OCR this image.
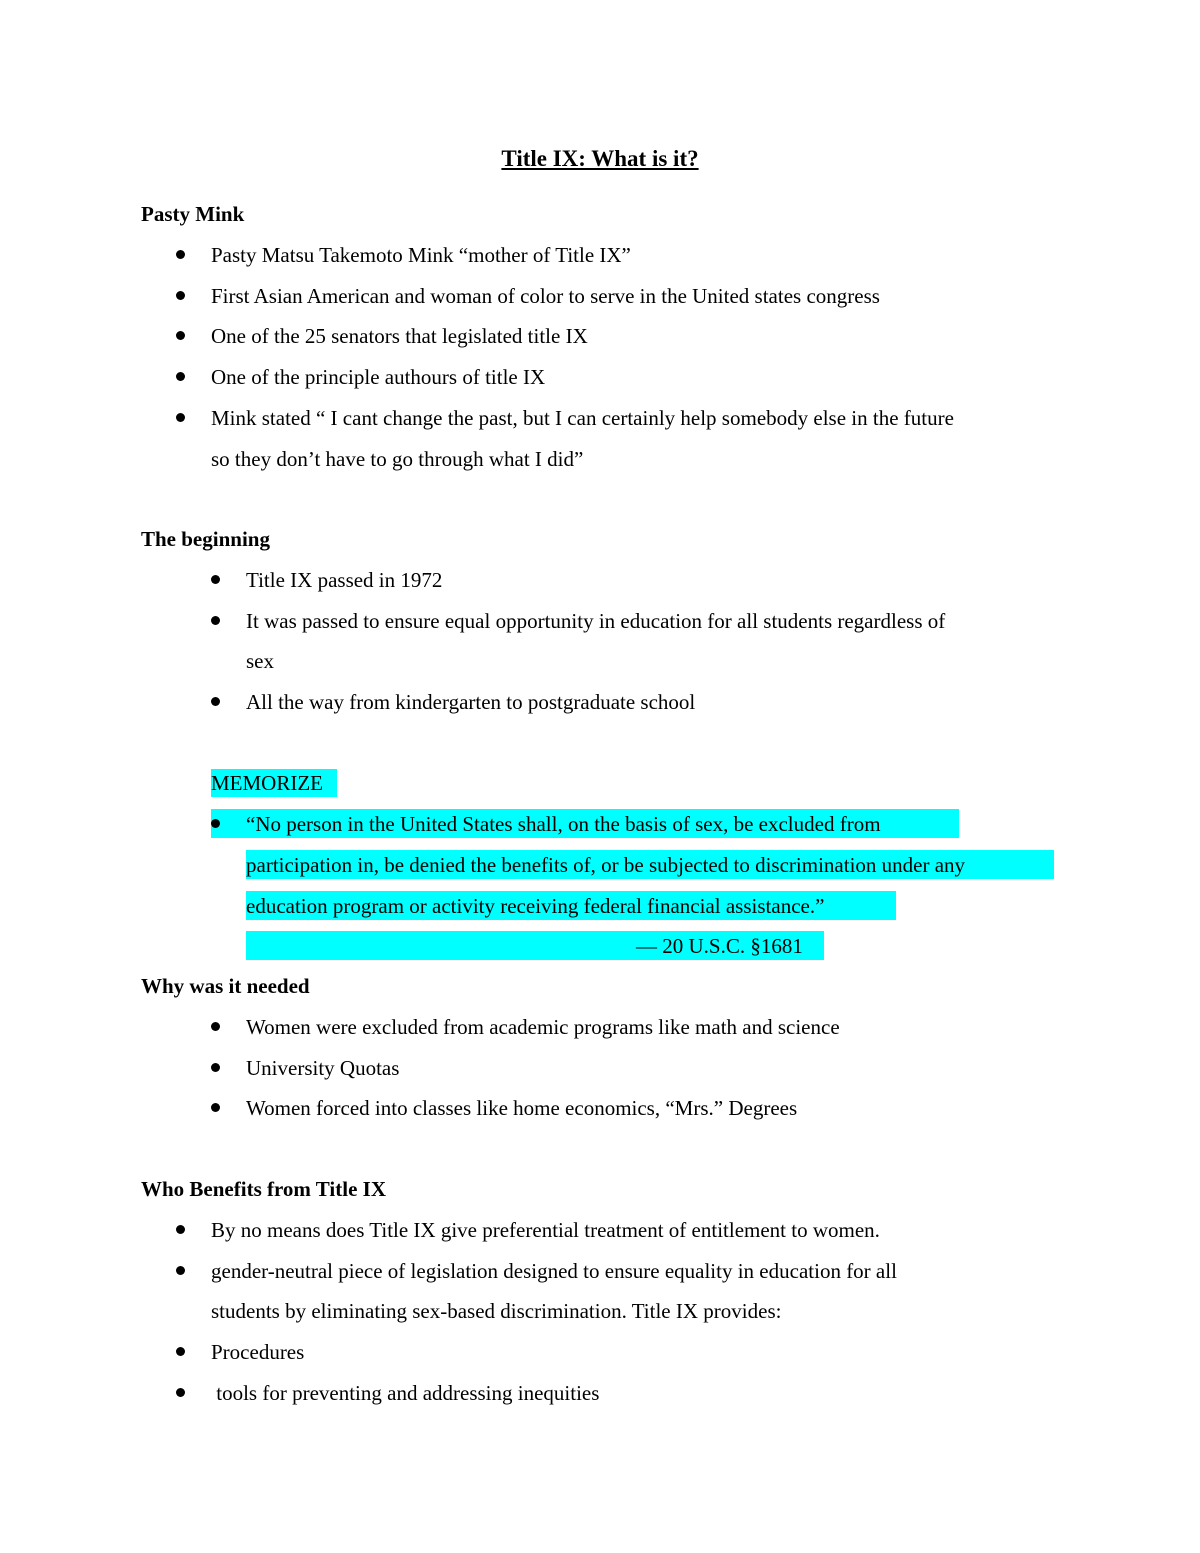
Title IX: What is it?
Pasty Mink
Pasty Matsu Takemoto Mink “mother of Title IX”
First Asian American and woman of color to serve in the United states congress
One of the 25 senators that legislated title IX
One of the principle authours of title IX
Mink stated “ I cant change the past, but I can certainly help somebody else in the future
so they don’t have to go through what I did”
The beginning
Title IX passed in 1972
It was passed to ensure equal opportunity in education for all students regardless of
sex
All the way from kindergarten to postgraduate school
MEMORIZE
“No person in the United States shall, on the basis of sex, be excluded from
participation in, be denied the benefits of, or be subjected to discrimination under any
education program or activity receiving federal financial assistance.”
— 20 U.S.C. §1681
Why was it needed
Women were excluded from academic programs like math and science
University Quotas
Women forced into classes like home economics, “Mrs.” Degrees
Who Benefits from Title IX
By no means does Title IX give preferential treatment of entitlement to women.
gender-neutral piece of legislation designed to ensure equality in education for all
students by eliminating sex-based discrimination. Title IX provides:
Procedures
tools for preventing and addressing inequities
